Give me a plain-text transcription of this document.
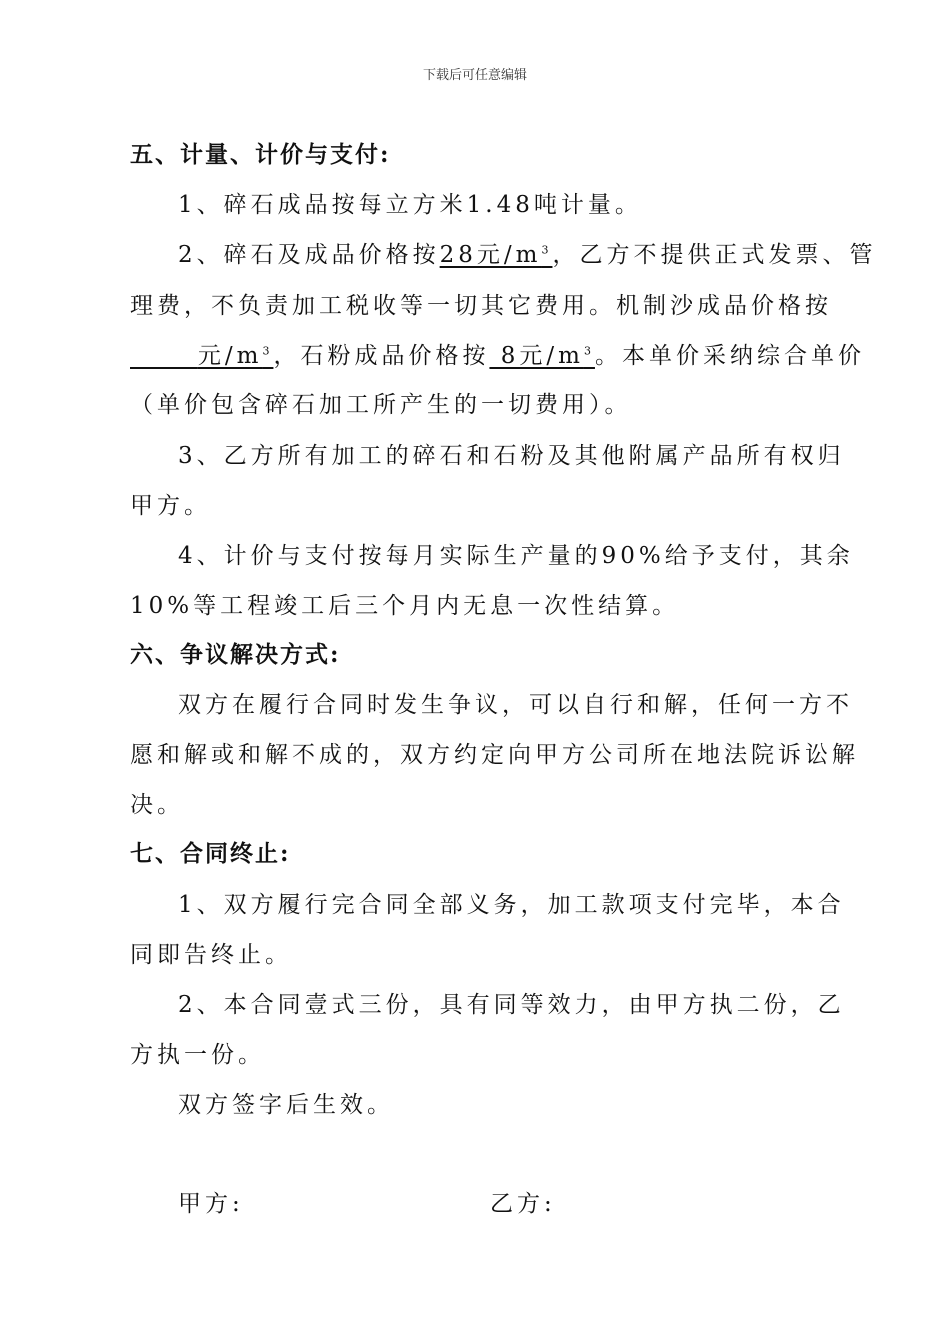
下载后可任意编辑
五、计量、计价与支付:
1、碎石成品按每立方米1.48吨计量。
2、碎石及成品价格按28元$/m^3$，乙方不提供正式发票、管
理费，不负责加工税收等一切其它费用。机制沙成品价格按
元$/m^3$，石粉成品价格按 8元$/m^3$。本单价采纳综合单价
（单价包含碎石加工所产生的一切费用）。
3、乙方所有加工的碎石和石粉及其他附属产品所有权归
甲方。
4、计价与支付按每月实际生产量的90%给予支付，其余
10%等工程竣工后三个月内无息一次性结算。
六、争议解决方式:
双方在履行合同时发生争议，可以自行和解，任何一方不
愿和解或和解不成的，双方约定向甲方公司所在地法院诉讼解
决。
七、合同终止:
1、双方履行完合同全部义务，加工款项支付完毕，本合
同即告终止。
2、本合同壹式三份，具有同等效力，由甲方执二份，乙
方执一份。
双方签字后生效。
甲方:	乙方:
